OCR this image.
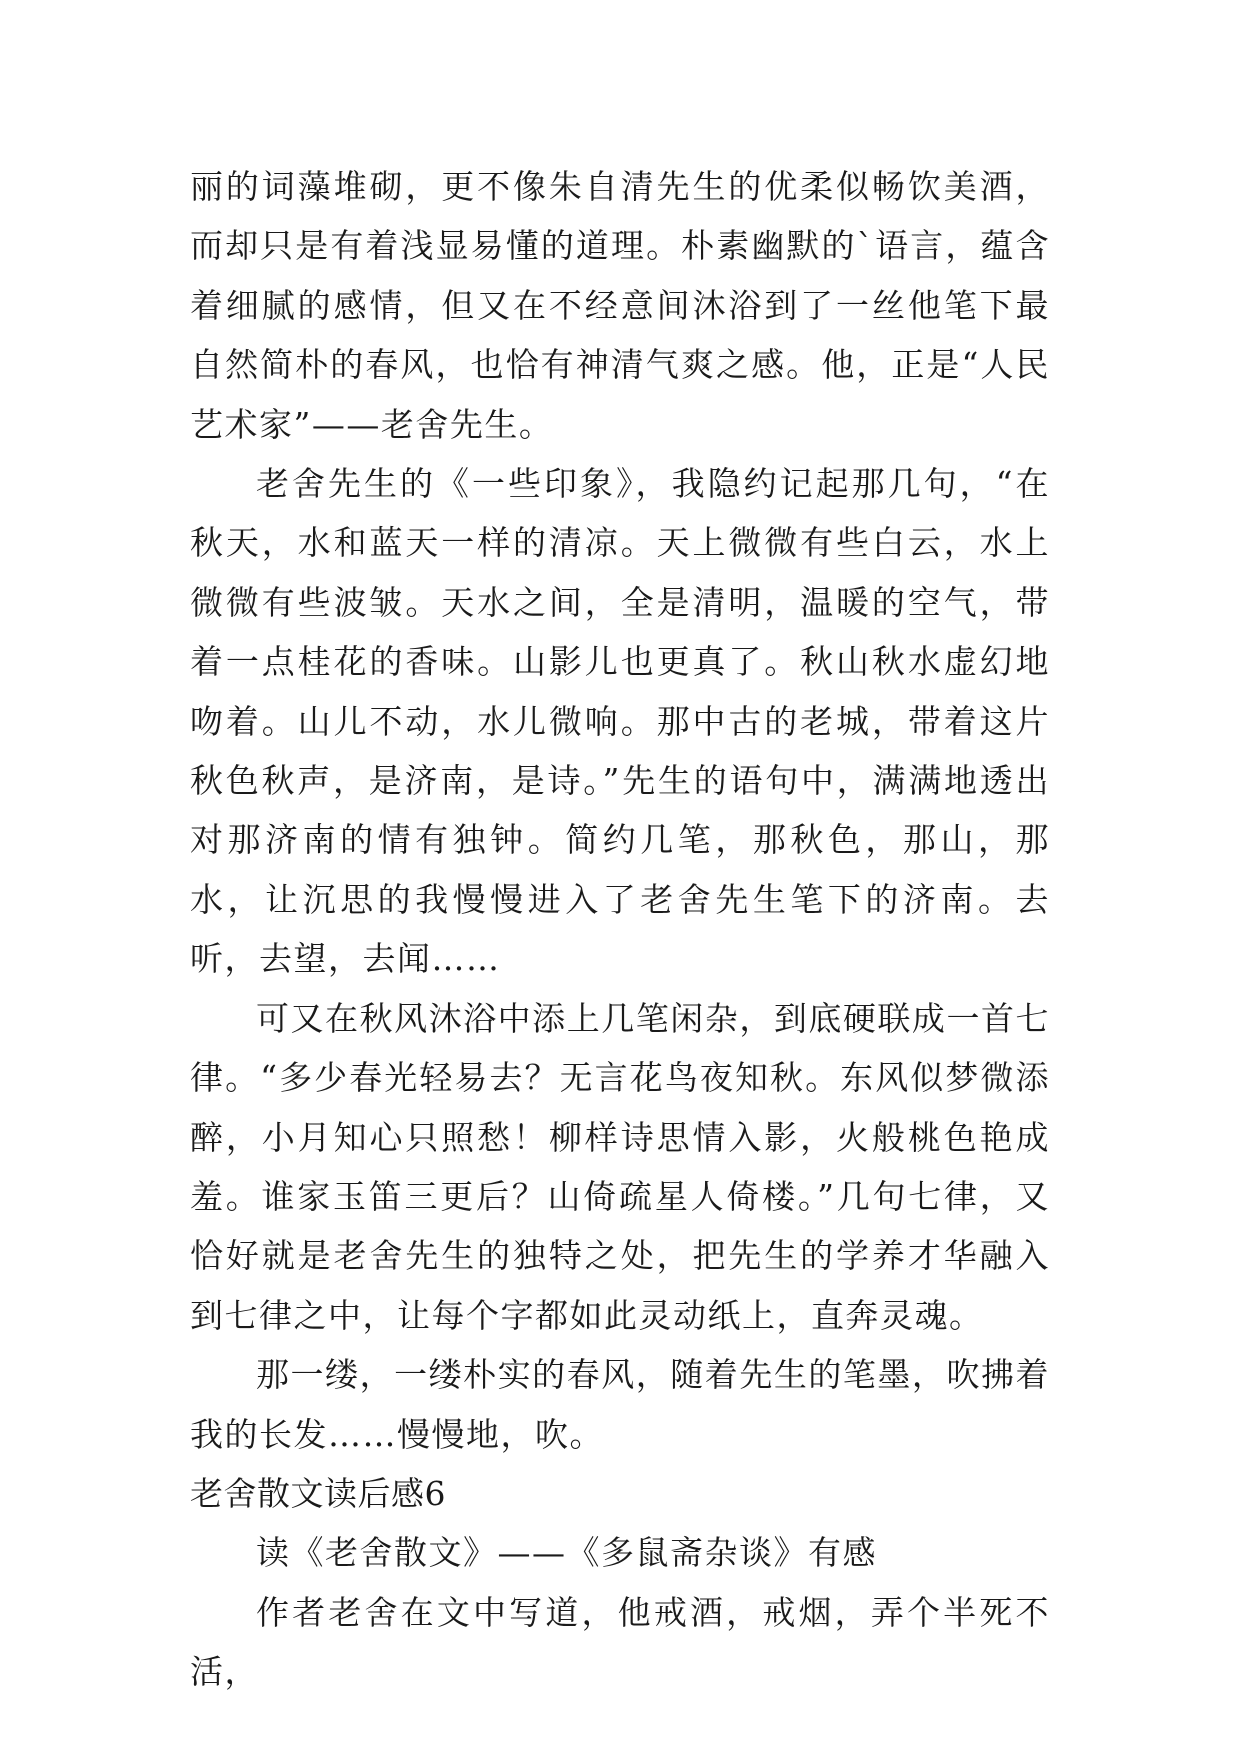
丽的词藻堆砌，更不像朱自清先生的优柔似畅饮美酒，而却只是有着浅显易懂的道理。朴素幽默的`语言，蕴含着细腻的感情，但又在不经意间沐浴到了一丝他笔下最自然简朴的春风，也恰有神清气爽之感。他，正是“人民艺术家”——老舍先生。

老舍先生的《一些印象》，我隐约记起那几句，“在秋天，水和蓝天一样的清凉。天上微微有些白云，水上微微有些波皱。天水之间，全是清明，温暖的空气，带着一点桂花的香味。山影儿也更真了。秋山秋水虚幻地吻着。山儿不动，水儿微响。那中古的老城，带着这片秋色秋声，是济南，是诗。”先生的语句中，满满地透出对那济南的情有独钟。简约几笔，那秋色，那山，那水，让沉思的我慢慢进入了老舍先生笔下的济南。去听，去望，去闻……

可又在秋风沐浴中添上几笔闲杂，到底硬联成一首七律。“多少春光轻易去？无言花鸟夜知秋。东风似梦微添醉，小月知心只照愁！柳样诗思情入影，火般桃色艳成羞。谁家玉笛三更后？山倚疏星人倚楼。”几句七律，又恰好就是老舍先生的独特之处，把先生的学养才华融入到七律之中，让每个字都如此灵动纸上，直奔灵魂。

那一缕，一缕朴实的春风，随着先生的笔墨，吹拂着我的长发……慢慢地，吹。

老舍散文读后感6

读《老舍散文》——《多鼠斋杂谈》有感

作者老舍在文中写道，他戒酒，戒烟，弄个半死不活，
